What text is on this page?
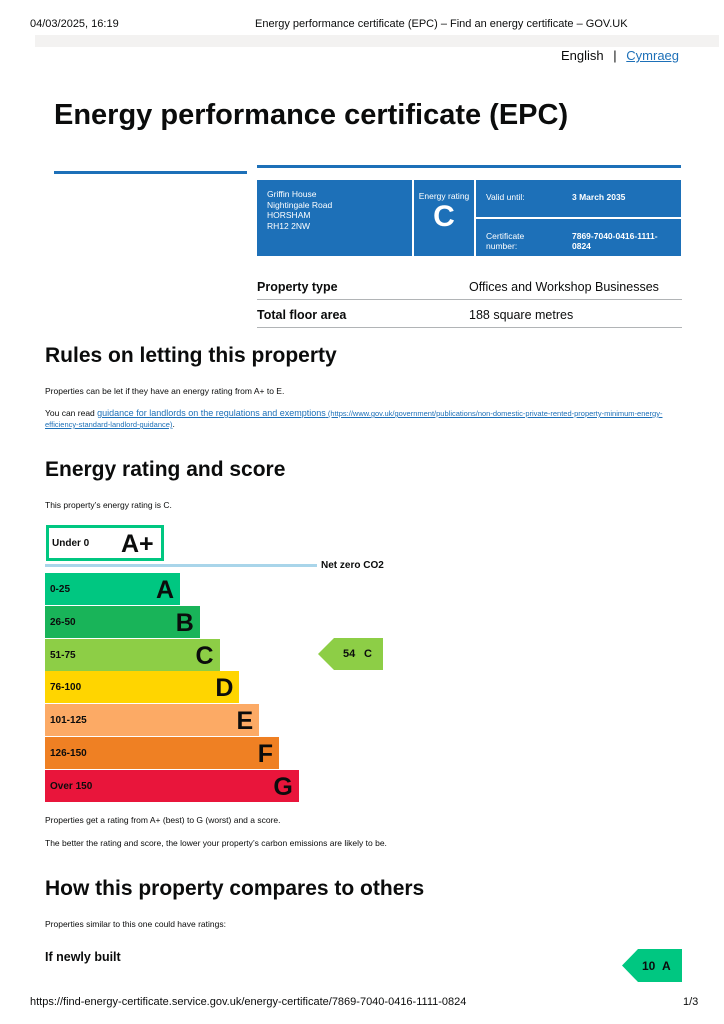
04/03/2025, 16:19	Energy performance certificate (EPC) – Find an energy certificate – GOV.UK
English | Cymraeg
Energy performance certificate (EPC)
Griffin House
Nightingale Road
HORSHAM
RH12 2NW
Energy rating
C
Valid until:	3 March 2035
Certificate
number:
7869-7040-0416-1111-
0824
Property type	Offices and Workshop Businesses
Total floor area	188 square metres
Rules on letting this property
Properties can be let if they have an energy rating from A+ to E.
You can read guidance for landlords on the regulations and exemptions (https://www.gov.uk/government/publications/non-domestic-private-rented-property-minimum-energy-
efficiency-standard-landlord-guidance).
Energy rating and score
This property’s energy rating is C.
Under 0 A+
Net zero CO2
0-25	A
26-50	B
51-75	C
76-100	D
101-125	E
126-150	F
Over 150	G
54 C
Properties get a rating from A+ (best) to G (worst) and a score.
The better the rating and score, the lower your property’s carbon emissions are likely to be.
How this property compares to others
Properties similar to this one could have ratings:
If newly built
10 A
https://find-energy-certificate.service.gov.uk/energy-certificate/7869-7040-0416-1111-0824	1/3
